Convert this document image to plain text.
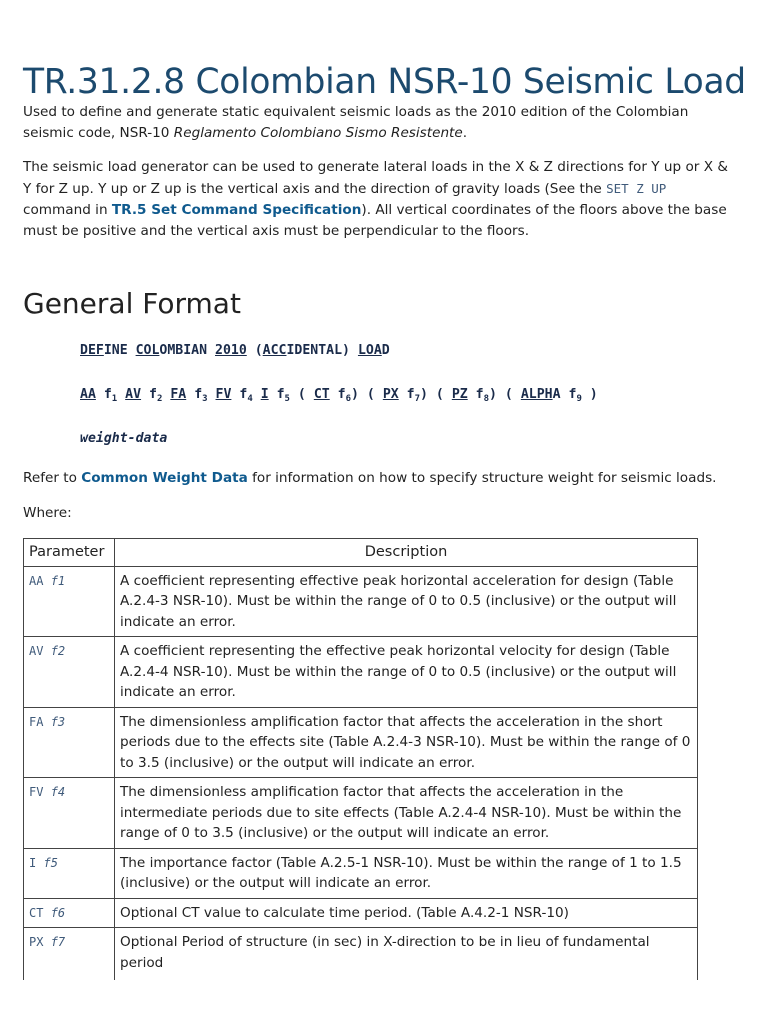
TR.31.2.8 Colombian NSR-10 Seismic Load

Used to define and generate static equivalent seismic loads as the 2010 edition of the Colombian seismic code, NSR-10 Reglamento Colombiano Sismo Resistente.

The seismic load generator can be used to generate lateral loads in the X & Z directions for Y up or X & Y for Z up. Y up or Z up is the vertical axis and the direction of gravity loads (See the SET Z UP command in TR.5 Set Command Specification). All vertical coordinates of the floors above the base must be positive and the vertical axis must be perpendicular to the floors.

General Format
DEFINE COLOMBIAN 2010 (ACCIDENTAL) LOAD
AA $f_1$ AV $f_2$ FA $f_3$ FV $f_4$ I $f_5$ ( CT $f_6$) ( PX $f_7$) ( PZ $f_8$) ( ALPHA $f_9$ )
weight-data

Refer to Common Weight Data for information on how to specify structure weight for seismic loads.

Where:

Parameter	Description
AA f1	A coefficient representing effective peak horizontal acceleration for design (Table A.2.4-3 NSR-10). Must be within the range of 0 to 0.5 (inclusive) or the output will indicate an error.
AV f2	A coefficient representing the effective peak horizontal velocity for design (Table A.2.4-4 NSR-10). Must be within the range of 0 to 0.5 (inclusive) or the output will indicate an error.
FA f3	The dimensionless amplification factor that affects the acceleration in the short periods due to the effects site (Table A.2.4-3 NSR-10). Must be within the range of 0 to 3.5 (inclusive) or the output will indicate an error.
FV f4	The dimensionless amplification factor that affects the acceleration in the intermediate periods due to site effects (Table A.2.4-4 NSR-10). Must be within the range of 0 to 3.5 (inclusive) or the output will indicate an error.
I f5	The importance factor (Table A.2.5-1 NSR-10). Must be within the range of 1 to 1.5 (inclusive) or the output will indicate an error.
CT f6	Optional CT value to calculate time period. (Table A.4.2-1 NSR-10)
PX f7	Optional Period of structure (in sec) in X-direction to be in lieu of fundamental period
